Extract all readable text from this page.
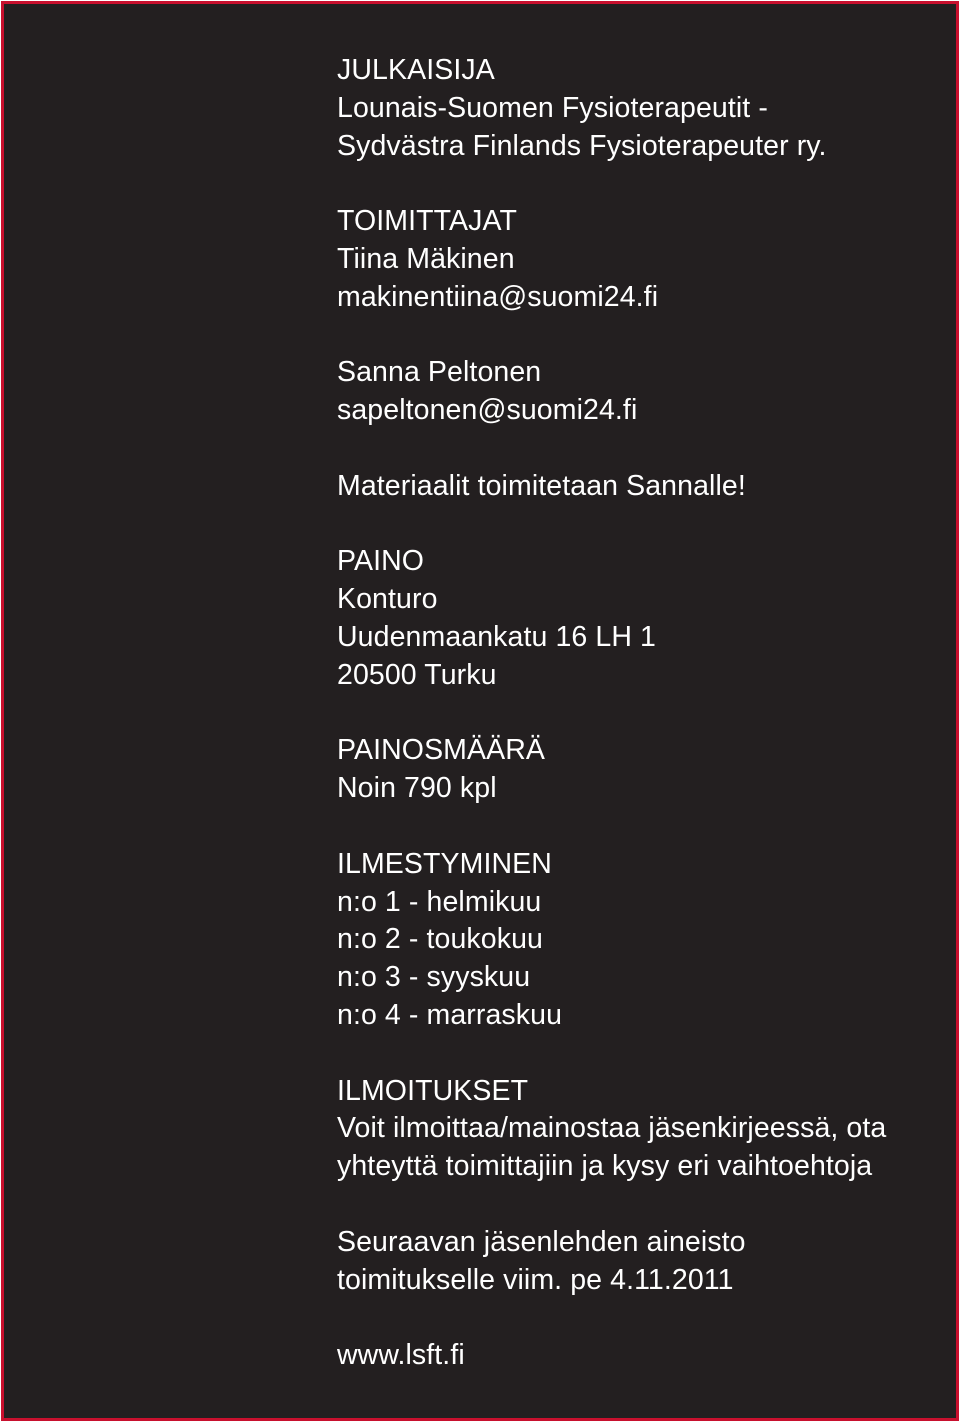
JULKAISIJA
Lounais-Suomen Fysioterapeutit -
Sydvästra Finlands Fysioterapeuter ry.
TOIMITTAJAT
Tiina Mäkinen
makinentiina@suomi24.fi
Sanna Peltonen
sapeltonen@suomi24.fi
Materiaalit toimitetaan Sannalle!
PAINO
Konturo
Uudenmaankatu 16 LH 1
20500 Turku
PAINOSMÄÄRÄ
Noin 790 kpl
ILMESTYMINEN
n:o 1 - helmikuu
n:o 2 - toukokuu
n:o 3 - syyskuu
n:o 4 - marraskuu
ILMOITUKSET
Voit ilmoittaa/mainostaa jäsenkirjeessä, ota
yhteyttä toimittajiin ja kysy eri vaihtoehtoja
Seuraavan jäsenlehden aineisto
toimitukselle viim. pe 4.11.2011
www.lsft.fi
